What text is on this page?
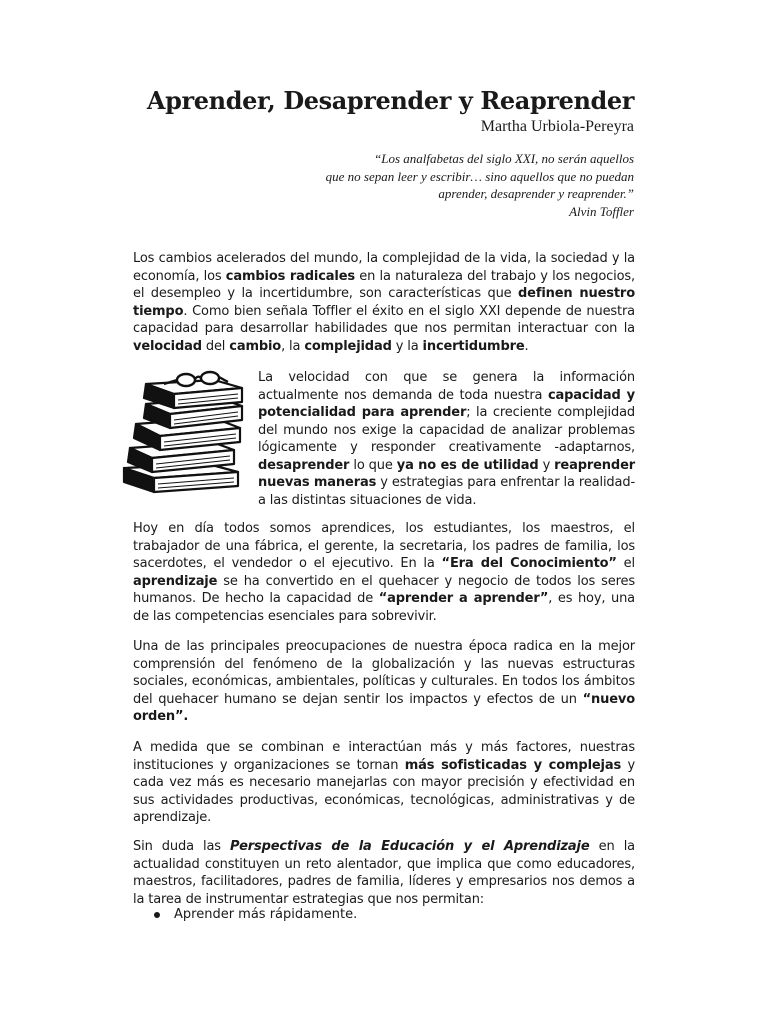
Aprender, Desaprender y Reaprender
Martha Urbiola-Pereyra
“Los analfabetas del siglo XXI, no serán aquellos
que no sepan leer y escribir… sino aquellos que no puedan
aprender, desaprender y reaprender.”
Alvin Toffler

Los cambios acelerados del mundo, la complejidad de la vida, la sociedad y la economía, los cambios radicales en la naturaleza del trabajo y los negocios, el desempleo y la incertidumbre, son características que definen nuestro tiempo. Como bien señala Toffler el éxito en el siglo XXI depende de nuestra capacidad para desarrollar habilidades que nos permitan interactuar con la velocidad del cambio, la complejidad y la incertidumbre.

La velocidad con que se genera la información actualmente nos demanda de toda nuestra capacidad y potencialidad para aprender; la creciente complejidad del mundo nos exige la capacidad de analizar problemas lógicamente y responder creativamente -adaptarnos, desaprender lo que ya no es de utilidad y reaprender nuevas maneras y estrategias para enfrentar la realidad- a las distintas situaciones de vida.

Hoy en día todos somos aprendices, los estudiantes, los maestros, el trabajador de una fábrica, el gerente, la secretaria, los padres de familia, los sacerdotes, el vendedor o el ejecutivo. En la “Era del Conocimiento” el aprendizaje se ha convertido en el quehacer y negocio de todos los seres humanos. De hecho la capacidad de “aprender a aprender”, es hoy, una de las competencias esenciales para sobrevivir.

Una de las principales preocupaciones de nuestra época radica en la mejor comprensión del fenómeno de la globalización y las nuevas estructuras sociales, económicas, ambientales, políticas y culturales. En todos los ámbitos del quehacer humano se dejan sentir los impactos y efectos de un “nuevo orden”.

A medida que se combinan e interactúan más y más factores, nuestras instituciones y organizaciones se tornan más sofisticadas y complejas y cada vez más es necesario manejarlas con mayor precisión y efectividad en sus actividades productivas, económicas, tecnológicas, administrativas y de aprendizaje.

Sin duda las Perspectivas de la Educación y el Aprendizaje en la actualidad constituyen un reto alentador, que implica que como educadores, maestros, facilitadores, padres de familia, líderes y empresarios nos demos a la tarea de instrumentar estrategias que nos permitan:

Aprender más rápidamente.
